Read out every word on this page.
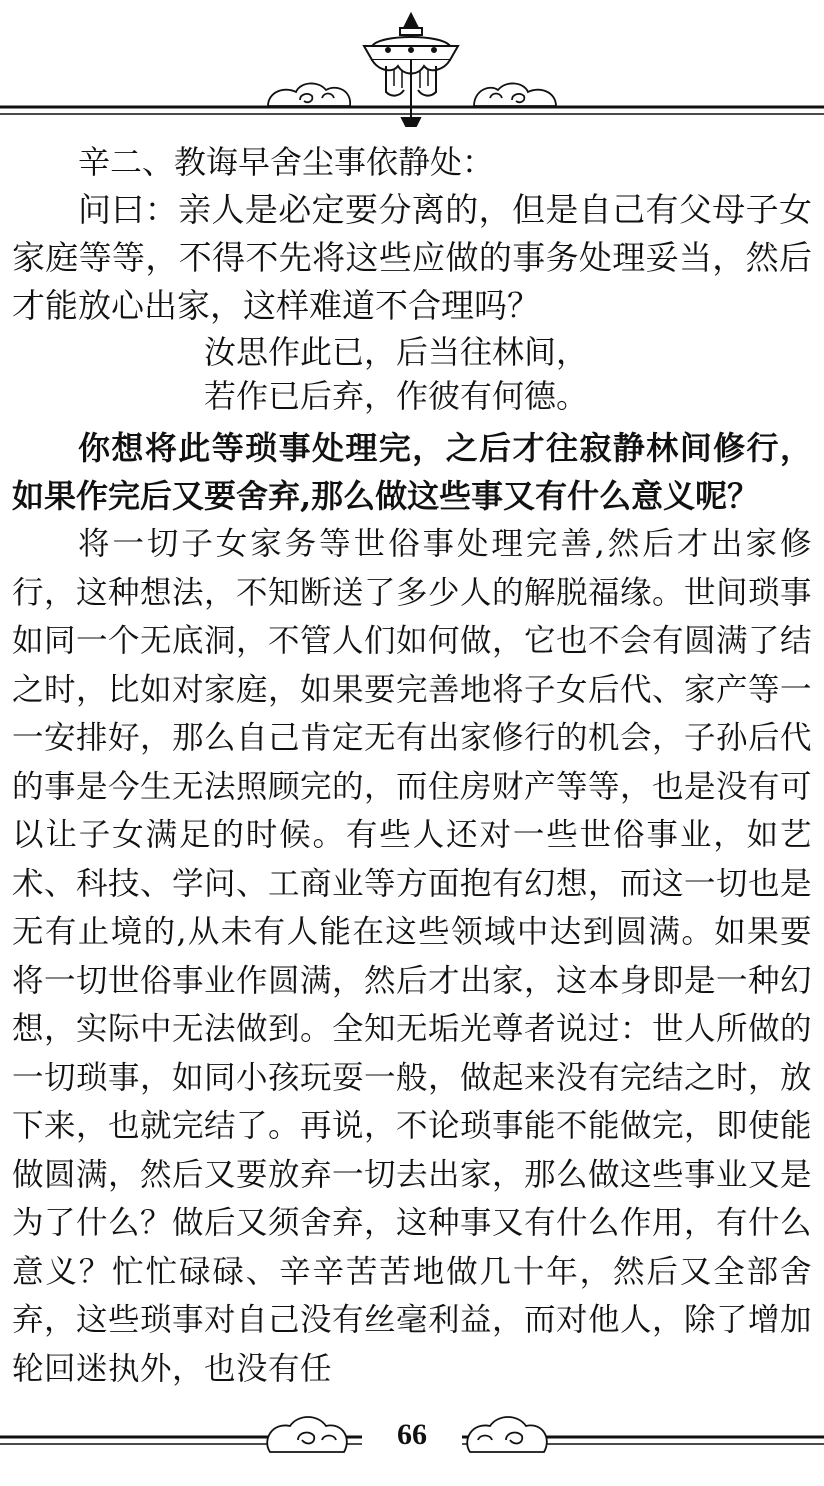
辛二、教诲早舍尘事依静处：

问曰：亲人是必定要分离的，但是自己有父母子女家庭等等，不得不先将这些应做的事务处理妥当，然后才能放心出家，这样难道不合理吗？

汝思作此已，后当往林间，
若作已后弃，作彼有何德。

你想将此等琐事处理完，之后才往寂静林间修行，如果作完后又要舍弃,那么做这些事又有什么意义呢？

将一切子女家务等世俗事处理完善,然后才出家修行，这种想法，不知断送了多少人的解脱福缘。世间琐事如同一个无底洞，不管人们如何做，它也不会有圆满了结之时，比如对家庭，如果要完善地将子女后代、家产等一一安排好，那么自己肯定无有出家修行的机会，子孙后代的事是今生无法照顾完的，而住房财产等等，也是没有可以让子女满足的时候。有些人还对一些世俗事业，如艺术、科技、学问、工商业等方面抱有幻想，而这一切也是无有止境的,从未有人能在这些领域中达到圆满。如果要将一切世俗事业作圆满，然后才出家，这本身即是一种幻想，实际中无法做到。全知无垢光尊者说过：世人所做的一切琐事，如同小孩玩耍一般，做起来没有完结之时，放下来，也就完结了。再说，不论琐事能不能做完，即使能做圆满，然后又要放弃一切去出家，那么做这些事业又是为了什么？做后又须舍弃，这种事又有什么作用，有什么意义？忙忙碌碌、辛辛苦苦地做几十年，然后又全部舍弃，这些琐事对自己没有丝毫利益，而对他人，除了增加轮回迷执外，也没有任

66
